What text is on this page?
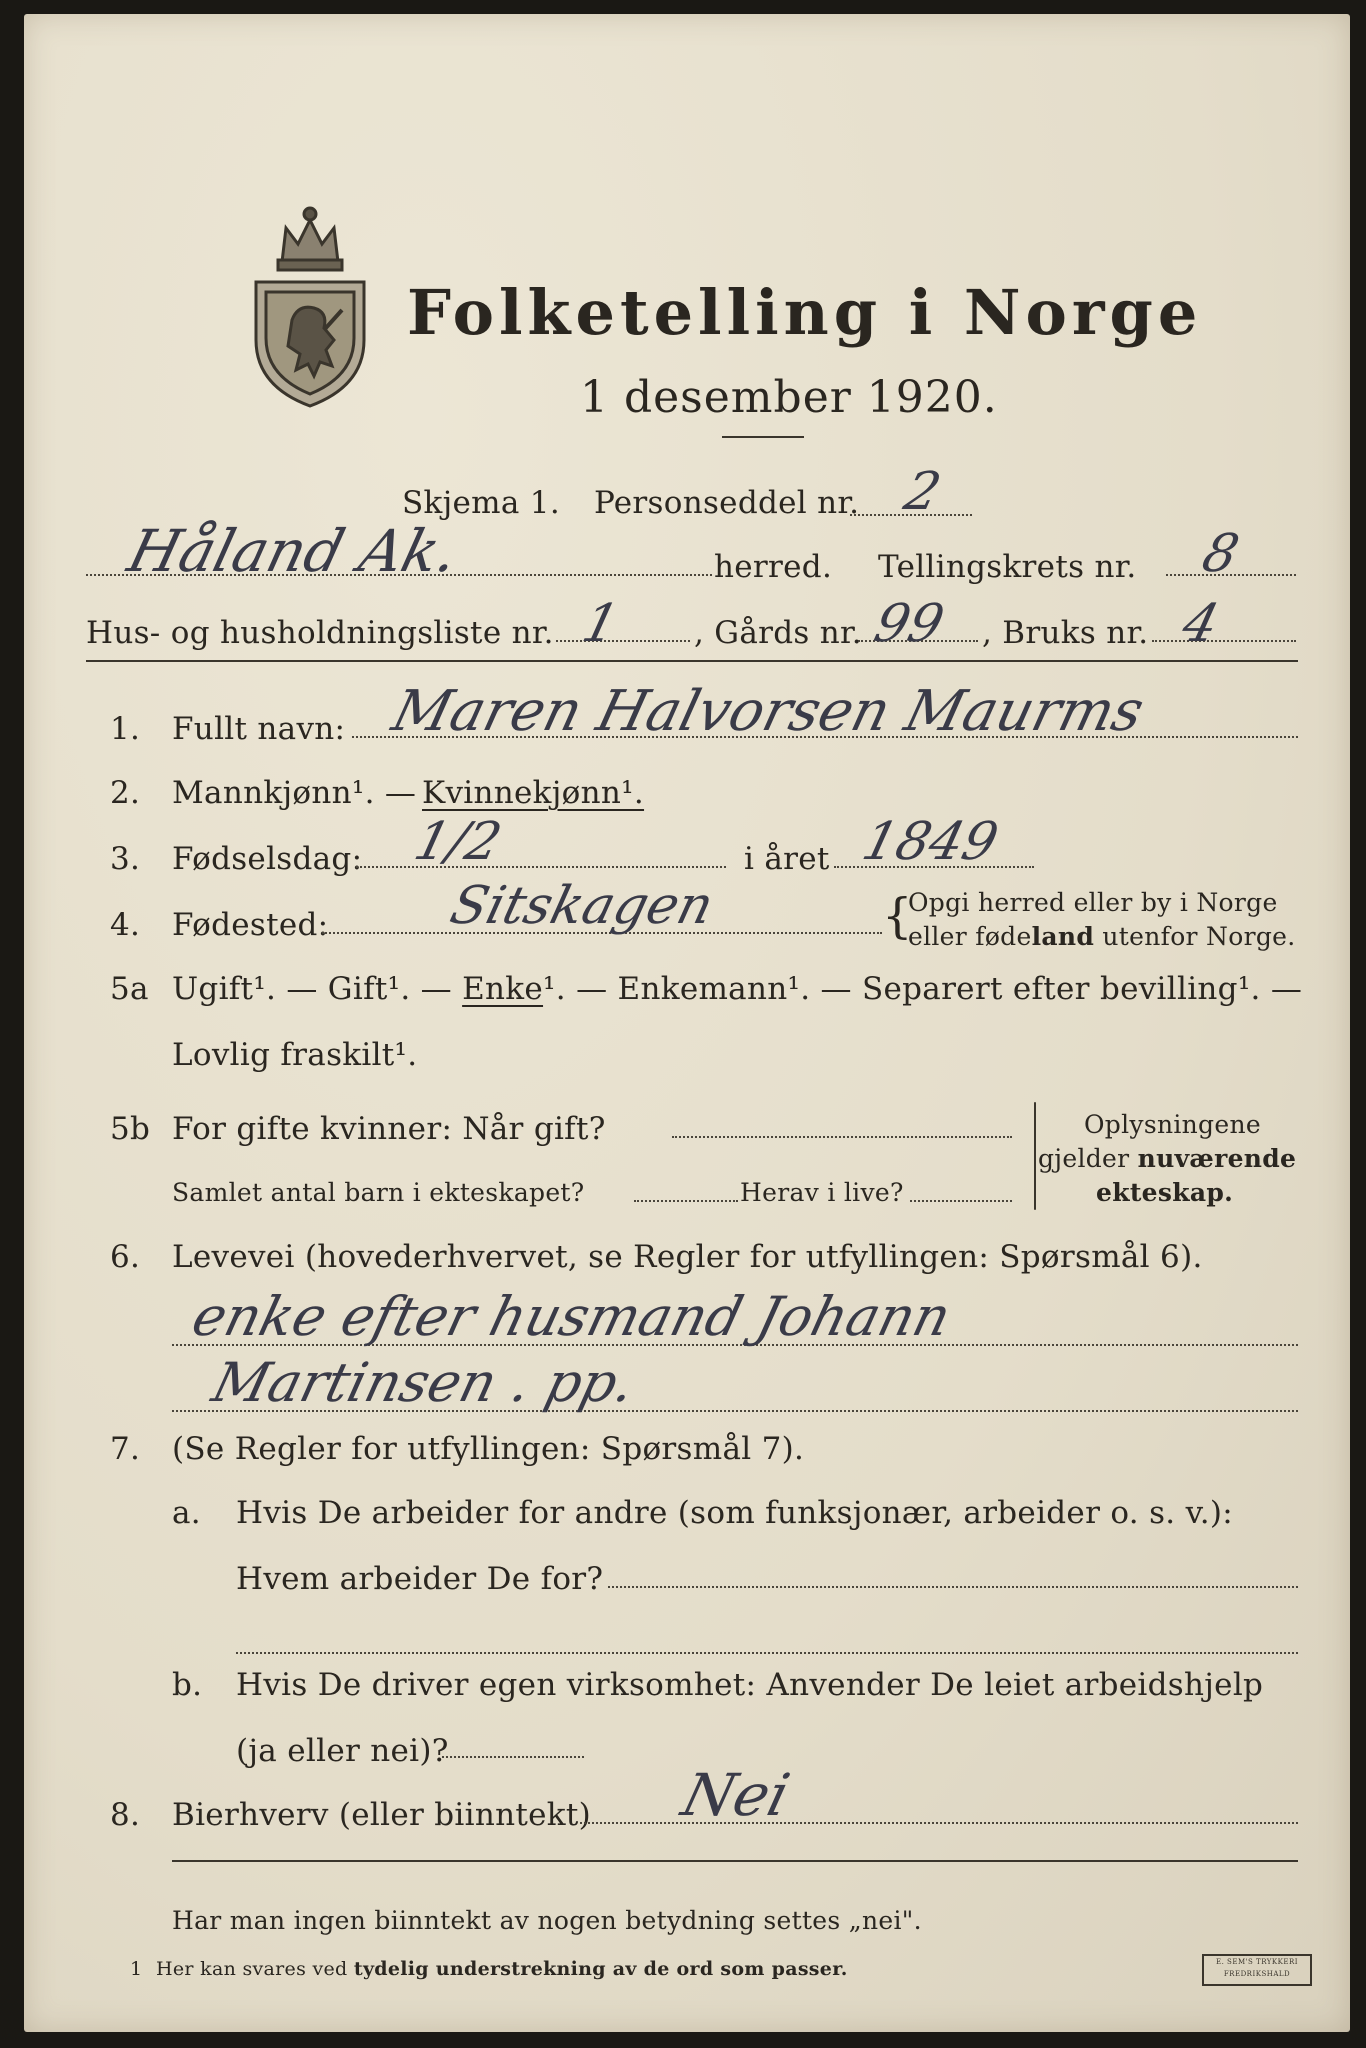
Folketelling i Norge
1 desember 1920.
Skjema 1. Personseddel nr. 2
Håland Ak.	herred. Tellingskrets nr. 8
Hus- og husholdningsliste nr. 1 , Gårds nr. 99 , Bruks nr. 4
1. Fullt navn: Maren Halvorsen Maurms
2. Mannkjønn¹. — Kvinnekjønn¹.
3. Fødselsdag: 1/2	i året 1849
4. Fødested: Sitskagen	{
Opgi herred eller by i Norge
eller fødeland utenfor Norge.
5a Ugift¹. — Gift¹. — Enke¹. — Enkemann¹. — Separert efter bevilling¹. —
Lovlig fraskilt¹.
5b For gifte kvinner: Når gift?
Samlet antal barn i ekteskapet?	Herav i live?
Oplysningene
gjelder nuværende
ekteskap.
6. Levevei (hovederhvervet, se Regler for utfyllingen: Spørsmål 6).
enke efter husmand Johann
Martinsen . pp.
7. (Se Regler for utfyllingen: Spørsmål 7).
a. Hvis De arbeider for andre (som funksjonær, arbeider o. s. v.):
Hvem arbeider De for?
b. Hvis De driver egen virksomhet: Anvender De leiet arbeidshjelp
(ja eller nei)?
8. Bierhverv (eller biinntekt) Nei
Har man ingen biinntekt av nogen betydning settes „nei".
1 Her kan svares ved tydelig understrekning av de ord som passer.	E. SEM'S TRYKKERI
FREDRIKSHALD
